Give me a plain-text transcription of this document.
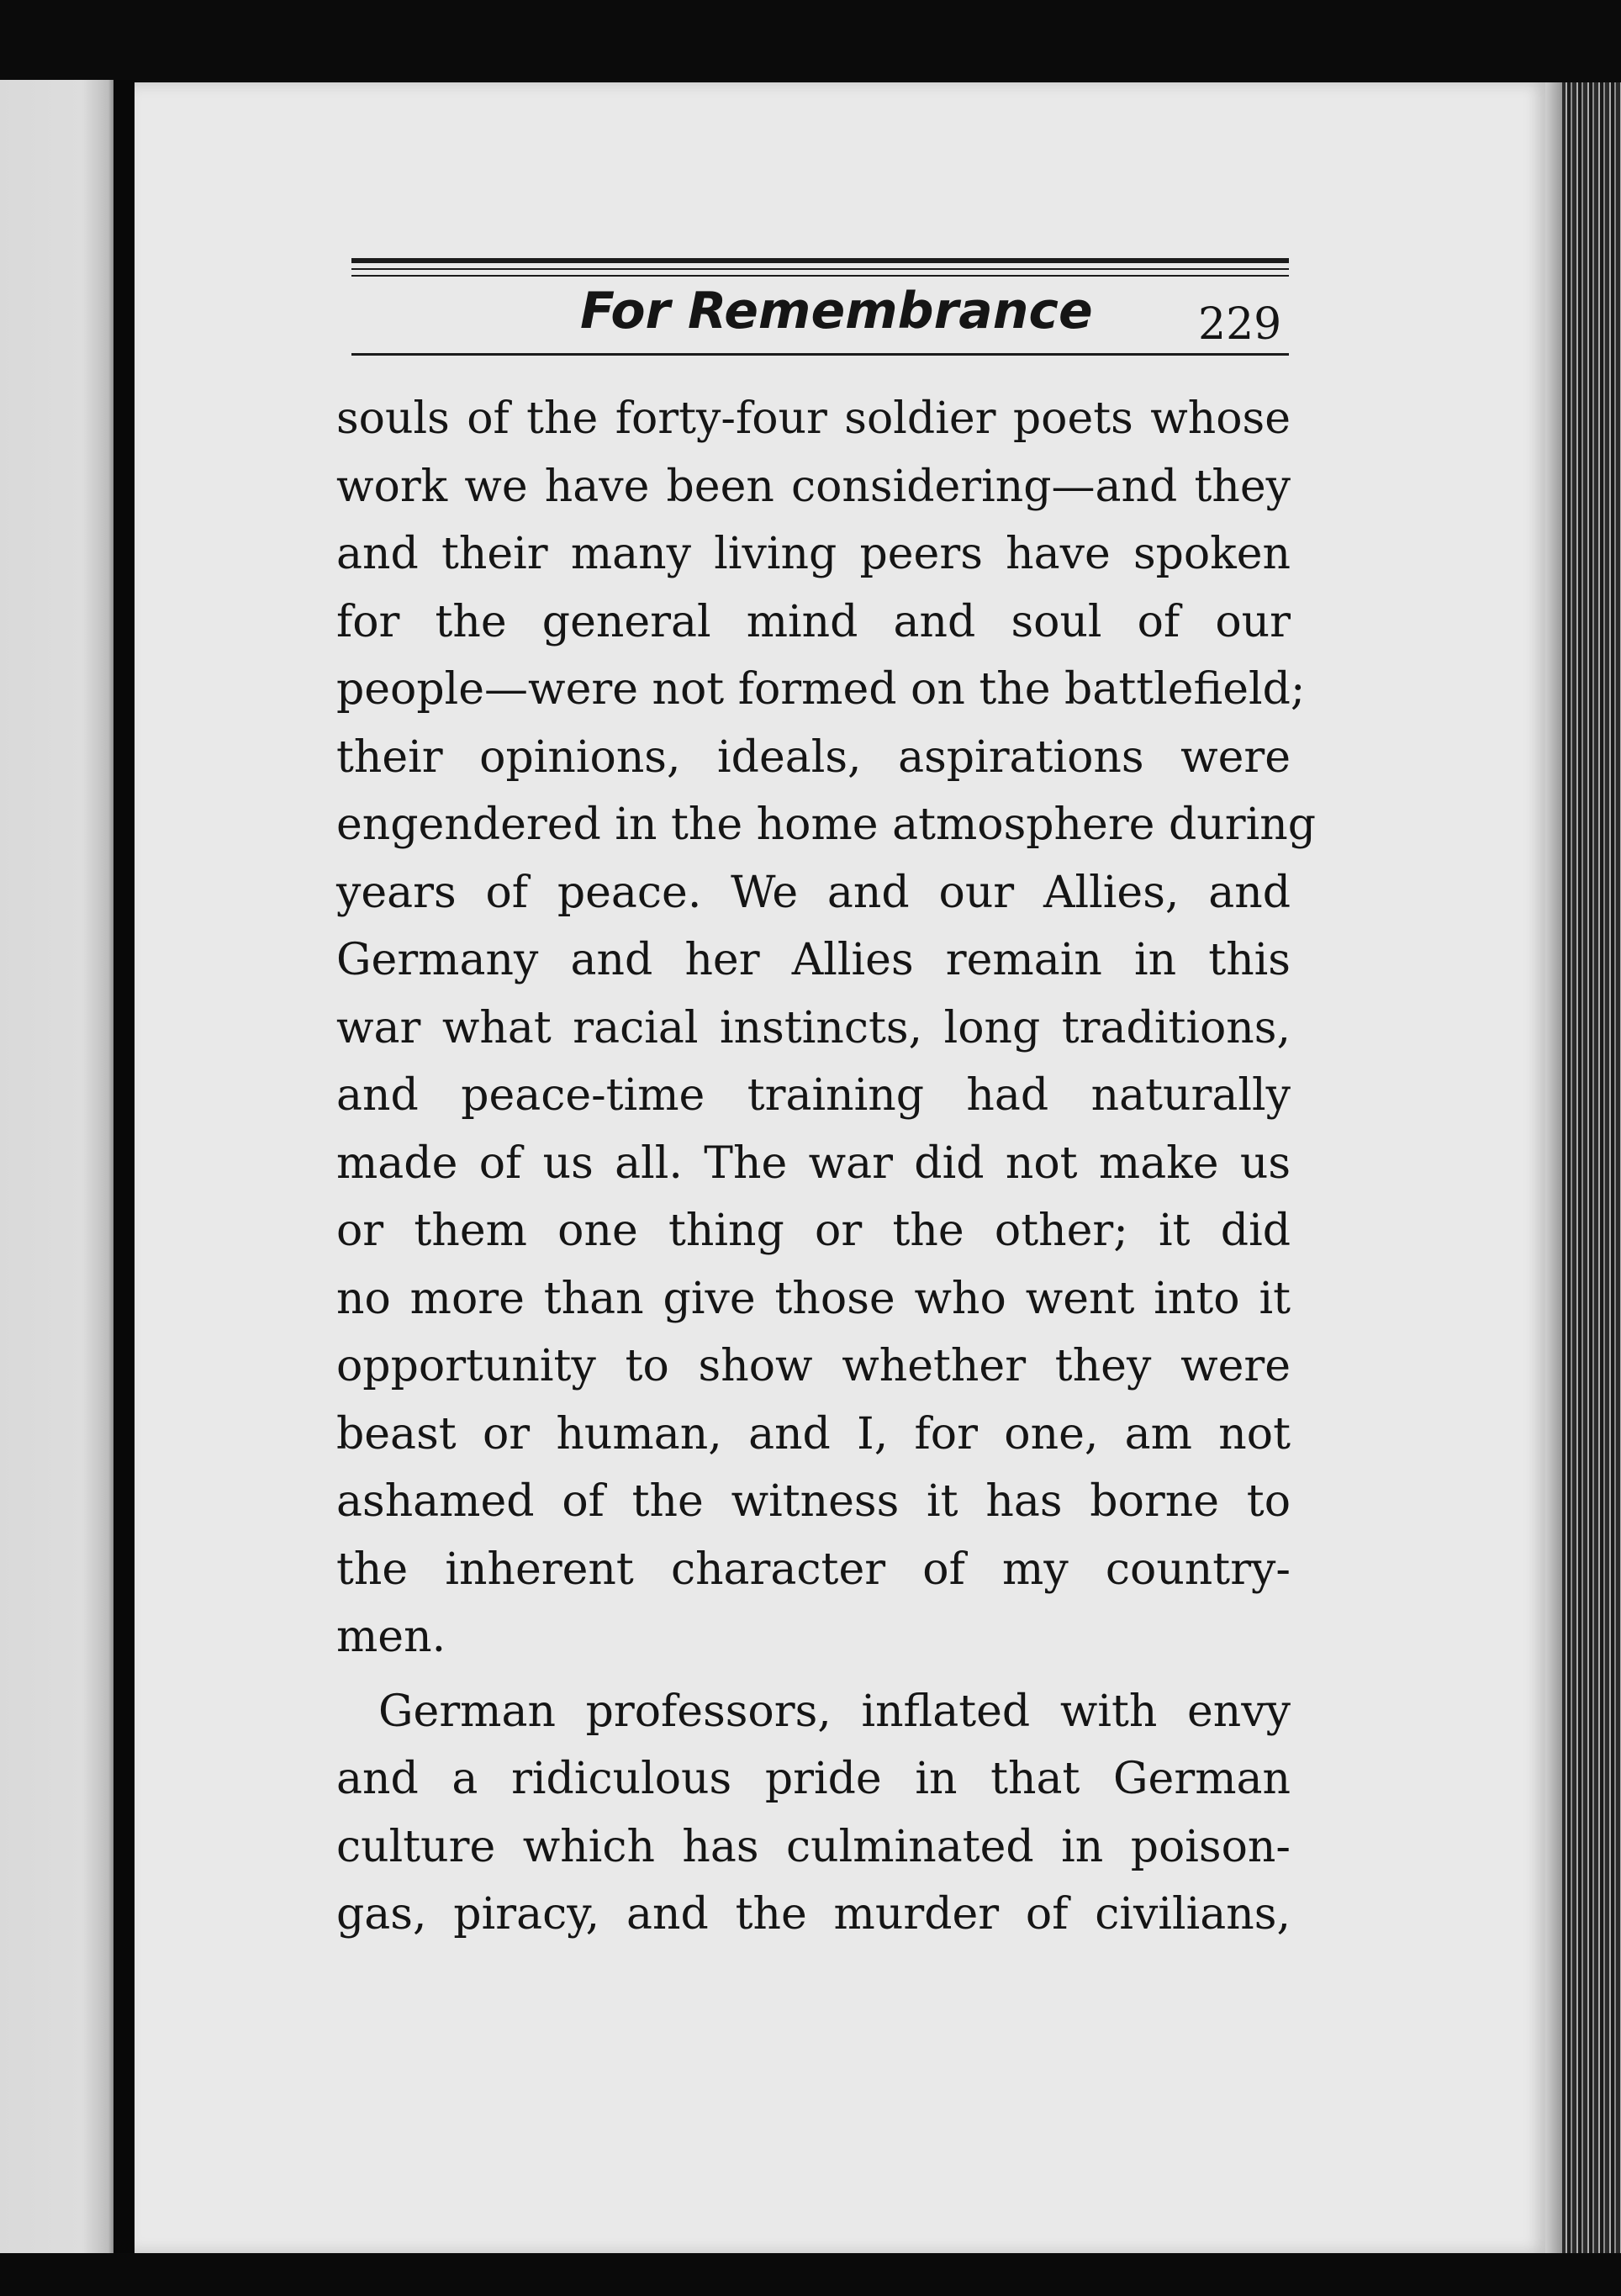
For Remembrance 229
souls of the forty-four soldier poets whose
work we have been considering—and they
and their many living peers have spoken
for the general mind and soul of our
people—were not formed on the battlefield;
their opinions, ideals, aspirations were
engendered in the home atmosphere during
years of peace. We and our Allies, and
Germany and her Allies remain in this
war what racial instincts, long traditions,
and peace-time training had naturally
made of us all. The war did not make us
or them one thing or the other; it did
no more than give those who went into it
opportunity to show whether they were
beast or human, and I, for one, am not
ashamed of the witness it has borne to
the inherent character of my country-
men.
German professors, inflated with envy
and a ridiculous pride in that German
culture which has culminated in poison-
gas, piracy, and the murder of civilians,
